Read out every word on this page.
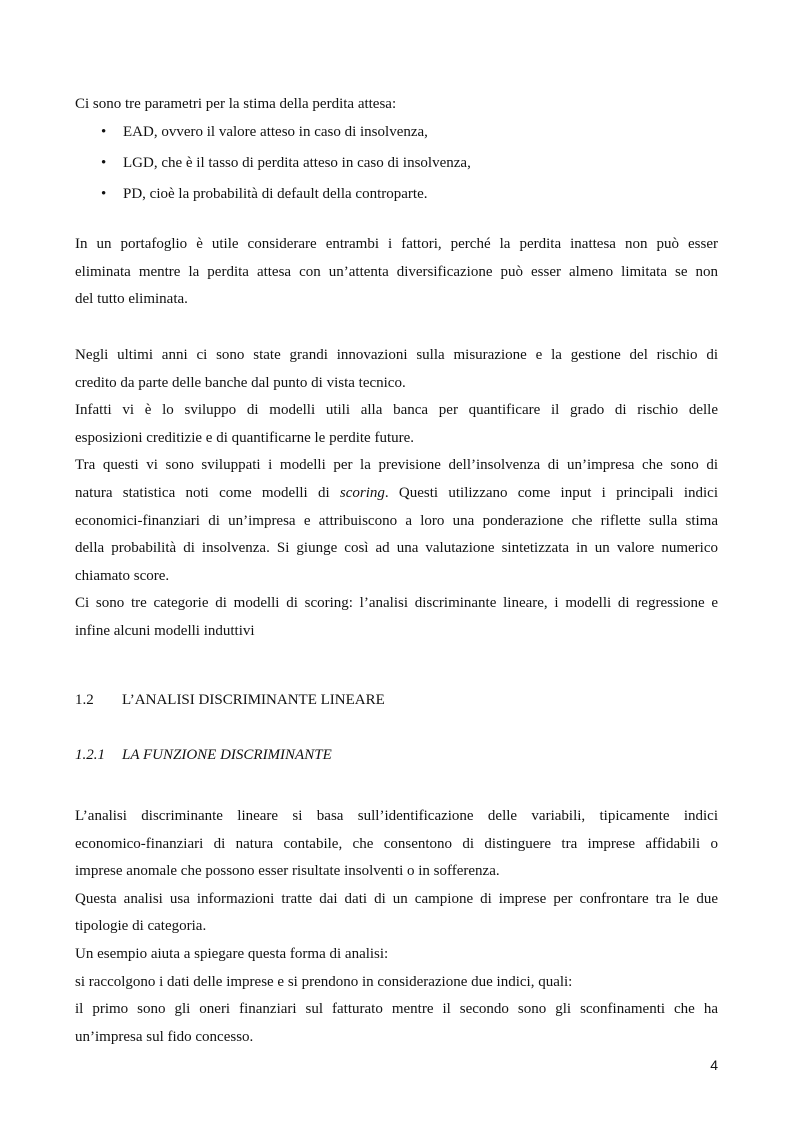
Ci sono tre parametri per la stima della perdita attesa:

• EAD, ovvero il valore atteso in caso di insolvenza,
• LGD, che è il tasso di perdita atteso in caso di insolvenza,
• PD, cioè la probabilità di default della controparte.

In un portafoglio è utile considerare entrambi i fattori, perché la perdita inattesa non può esser
eliminata mentre la perdita attesa con un’attenta diversificazione può esser almeno limitata se non
del tutto eliminata.

Negli ultimi anni ci sono state grandi innovazioni sulla misurazione e la gestione del rischio di
credito da parte delle banche dal punto di vista tecnico.
Infatti vi è lo sviluppo di modelli utili alla banca per quantificare il grado di rischio delle
esposizioni creditizie e di quantificarne le perdite future.
Tra questi vi sono sviluppati i modelli per la previsione dell’insolvenza di un’impresa che sono di
natura statistica noti come modelli di scoring. Questi utilizzano come input i principali indici
economici-finanziari di un’impresa e attribuiscono a loro una ponderazione che riflette sulla stima
della probabilità di insolvenza. Si giunge così ad una valutazione sintetizzata in un valore numerico
chiamato score.
Ci sono tre categorie di modelli di scoring: l’analisi discriminante lineare, i modelli di regressione e
infine alcuni modelli induttivi

1.2 L’ANALISI DISCRIMINANTE LINEARE
1.2.1 LA FUNZIONE DISCRIMINANTE

L’analisi discriminante lineare si basa sull’identificazione delle variabili, tipicamente indici
economico-finanziari di natura contabile, che consentono di distinguere tra imprese affidabili o
imprese anomale che possono esser risultate insolventi o in sofferenza.
Questa analisi usa informazioni tratte dai dati di un campione di imprese per confrontare tra le due
tipologie di categoria.
Un esempio aiuta a spiegare questa forma di analisi:
si raccolgono i dati delle imprese e si prendono in considerazione due indici, quali:
il primo sono gli oneri finanziari sul fatturato mentre il secondo sono gli sconfinamenti che ha
un’impresa sul fido concesso.

4
